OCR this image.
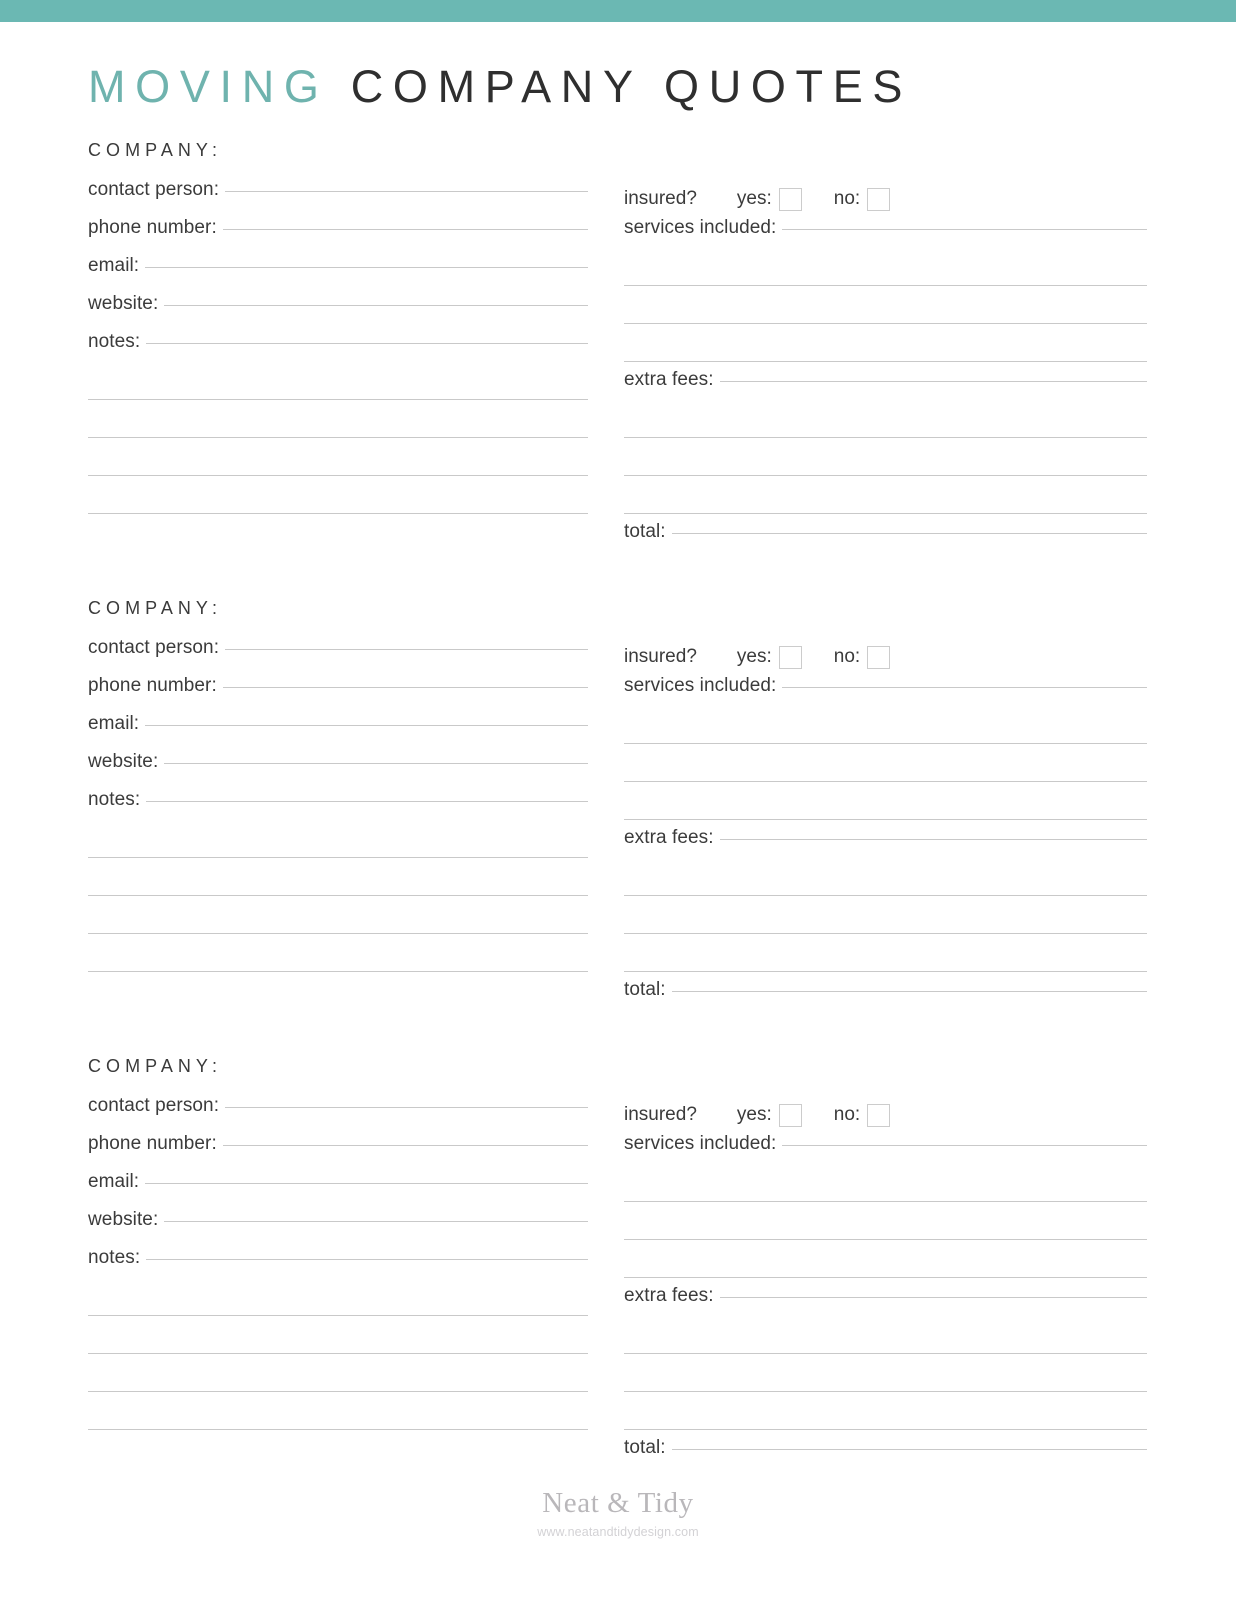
MOVING COMPANY QUOTES
COMPANY:
contact person:
phone number:
email:
website:
notes:
insured? yes:	no:
services included:
extra fees:
total:
COMPANY:
contact person:
phone number:
email:
website:
notes:
insured? yes:	no:
services included:
extra fees:
total:
COMPANY:
contact person:
phone number:
email:
website:
notes:
insured? yes:	no:
services included:
extra fees:
total:
Neat & Tidy
www.neatandtidydesign.com
